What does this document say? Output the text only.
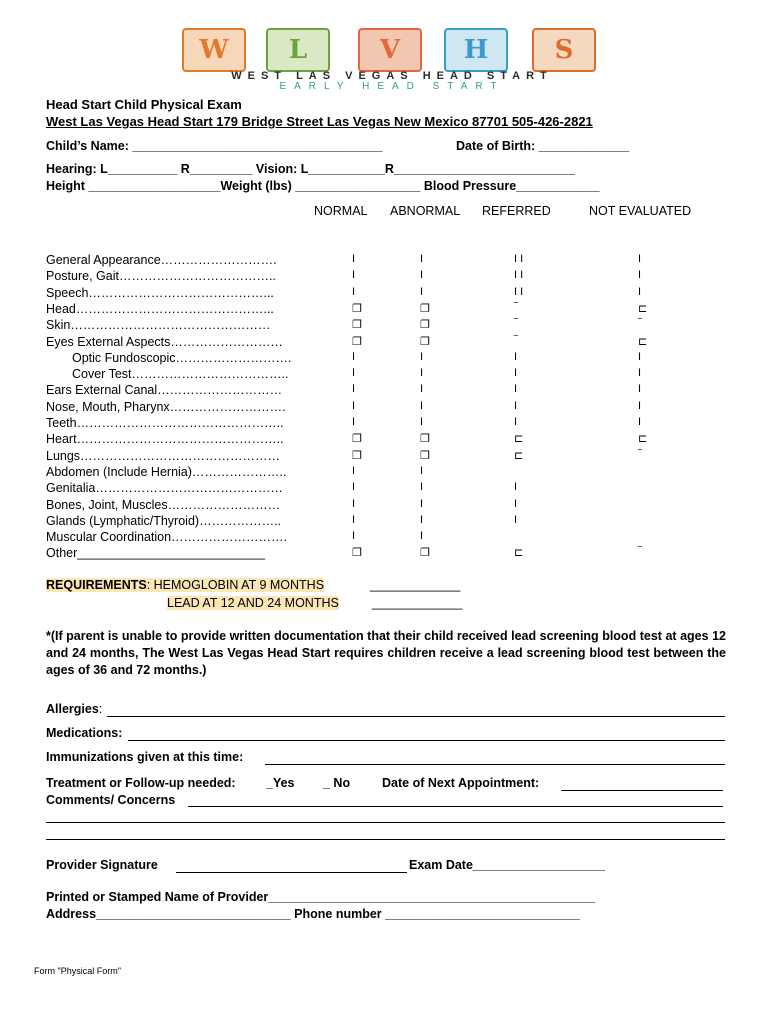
W L	V H	S
WEST LAS VEGAS HEAD START
EARLY HEAD START
Head Start Child Physical Exam
West Las Vegas Head Start 179 Bridge Street Las Vegas New Mexico 87701 505-426-2821
Child’s Name: ____________________________________	Date of Birth: _____________
Hearing: L__________ R_________ Vision: L___________R__________________________
Height ___________________Weight (lbs) __________________ Blood Pressure____________
NORMAL ABNORMAL REFERRED	NOT EVALUATED
General Appearance……………………….	I	I	I I	I
Posture, Gait………………………………..	I	I	I I	I
Speech……………………………………...	I	I	I I	I
Head………………………………………...	❐	❐	‾	⊏
Skin…………………………………………	❐	❐	‾	‾
Eyes External Aspects………………………	❐	❐	‾	⊏
Optic Fundoscopic……………………….	I	I	I	I
Cover Test………………………………..	I	I	I	I
Ears External Canal…………………………	I	I	I	I
Nose, Mouth, Pharynx……………………….	I	I	I	I
Teeth…………………………………………..	I	I	I	I
Heart…………………………………………..	❐	❐	⊏	⊏
Lungs…………………………………………	❐	❐	⊏	‾
Abdomen (Include Hernia)…………………..	I	I
Genitalia………………………………………	I	I	I
Bones, Joint, Muscles………………………	I	I	I
Glands (Lymphatic/Thyroid)………………..	I	I	I
Muscular Coordination……………………….	I	I
Other___________________________	❐	❐	⊏	‾
REQUIREMENTS: HEMOGLOBIN AT 9 MONTHS	_____________
LEAD AT 12 AND 24 MONTHS	_____________
*(If parent is unable to provide written documentation that their child received lead screening blood test at ages 12 and 24 months, The West Las Vegas Head Start requires children receive a lead screening blood test between the ages of 36 and 72 months.)
Allergies:
Medications:
Immunizations given at this time:
Treatment or Follow-up needed: _Yes _ No	Date of Next Appointment:
Comments/ Concerns
Provider Signature	Exam Date___________________
Printed or Stamped Name of Provider_______________________________________________
Address____________________________ Phone number ____________________________
Form "Physical Form"
